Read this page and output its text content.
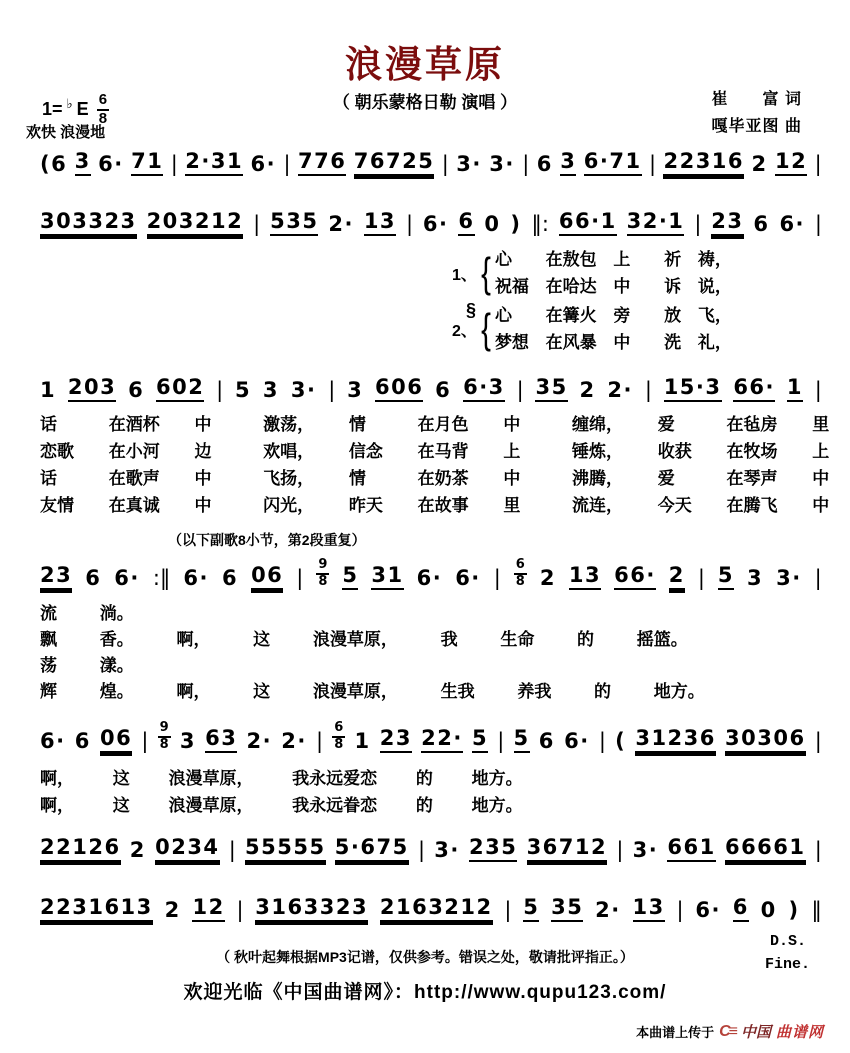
浪漫草原
（ 朝乐蒙格日勒 演唱 ）	崔　　富 词
嘎毕亚图 曲
1= ♭ E $\frac{6}{8}$
欢快 浪漫地
(6 3 6· 71 | 2·31 6· | 776 76725 | 3· 3· | 6 3 6·71 | 22316 2 12 |
303323 203212 | 535 2· 13 | 6· 6 0 ) ‖: 66·1 32·1 | 23 6 6· |
1 203 6 602 | 5 3 3· | 3 606 6 6·3 | 35 2 2· | 15·3 66· 1 |
23 6 6· :‖ 6· 6 06 | $\frac{9}{8} 5$ 31 6· 6· | $\frac{6}{8} 2$ 13 66· 2 | 5 3 3· |
6· 6 06 | $\frac{9}{8} 3$ 63 2· 2· | $\frac{6}{8} 1$ 23 22· 5 | 5 6 6· | ( 31236 30306 |
22126 2 0234 | 55555 5·675 | 3· 235 36712 | 3· 661 66661 |
2231613 2 12 | 3163323 2163212 | 5 35 2· 13 | 6· 6 0 ) ‖
1、 { 心　 在敖包 上　 祈 祷，
祝福 在哈达 中　 诉 说，
§
2、 { 心　 在篝火 旁　 放 飞，
梦想 在风暴 中　 洗 礼，
话　 在酒杯 中　 激荡， 情　 在月色 中　 缠绵， 爱　 在毡房 里
恋歌 在小河 边　 欢唱， 信念 在马背 上　 锤炼， 收获 在牧场 上
话　 在歌声 中　 飞扬， 情　 在奶茶 中　 沸腾， 爱　 在琴声 中
友情 在真诚 中　 闪光， 昨天 在故事 里　 流连， 今天 在腾飞 中
（以下副歌8小节，第2段重复）
流 淌。
飘 香。 啊， 这 浪漫草原， 我 生命 的 摇篮。
荡 漾。
辉 煌。 啊， 这 浪漫草原， 生我 养我 的 地方。
啊， 这 浪漫草原， 我永远爱恋 的 地方。
啊， 这 浪漫草原， 我永远眷恋 的 地方。
D.S.
Fine.
（ 秋叶起舞根据MP3记谱，仅供参考。错误之处，敬请批评指正。）
欢迎光临《中国曲谱网》：http://www.qupu123.com/
本曲谱上传于 C≡ 中国 曲谱网
